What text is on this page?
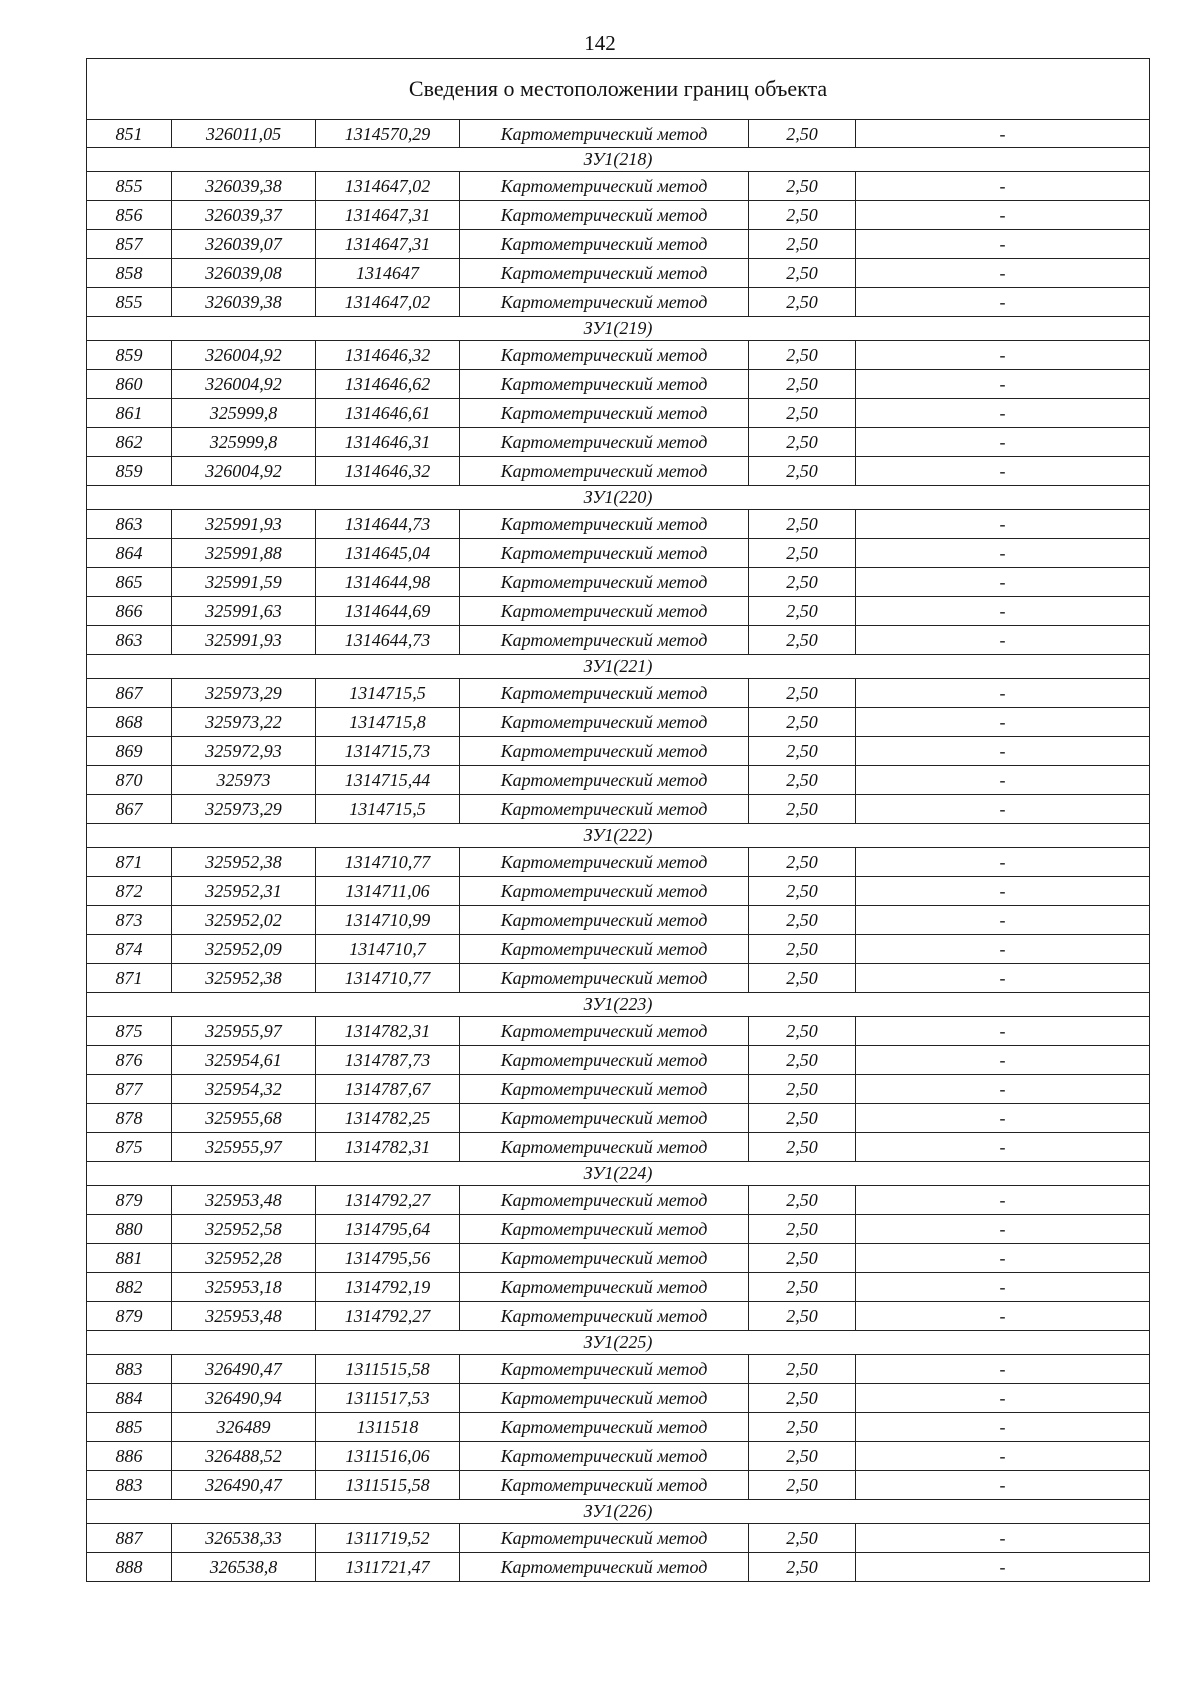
142
Сведения о местоположении границ объекта					
851	326011,05	1314570,29	Картометрический метод	2,50	-
ЗУ1(218)					
855	326039,38	1314647,02	Картометрический метод	2,50	-
856	326039,37	1314647,31	Картометрический метод	2,50	-
857	326039,07	1314647,31	Картометрический метод	2,50	-
858	326039,08	1314647	Картометрический метод	2,50	-
855	326039,38	1314647,02	Картометрический метод	2,50	-
ЗУ1(219)					
859	326004,92	1314646,32	Картометрический метод	2,50	-
860	326004,92	1314646,62	Картометрический метод	2,50	-
861	325999,8	1314646,61	Картометрический метод	2,50	-
862	325999,8	1314646,31	Картометрический метод	2,50	-
859	326004,92	1314646,32	Картометрический метод	2,50	-
ЗУ1(220)					
863	325991,93	1314644,73	Картометрический метод	2,50	-
864	325991,88	1314645,04	Картометрический метод	2,50	-
865	325991,59	1314644,98	Картометрический метод	2,50	-
866	325991,63	1314644,69	Картометрический метод	2,50	-
863	325991,93	1314644,73	Картометрический метод	2,50	-
ЗУ1(221)					
867	325973,29	1314715,5	Картометрический метод	2,50	-
868	325973,22	1314715,8	Картометрический метод	2,50	-
869	325972,93	1314715,73	Картометрический метод	2,50	-
870	325973	1314715,44	Картометрический метод	2,50	-
867	325973,29	1314715,5	Картометрический метод	2,50	-
ЗУ1(222)					
871	325952,38	1314710,77	Картометрический метод	2,50	-
872	325952,31	1314711,06	Картометрический метод	2,50	-
873	325952,02	1314710,99	Картометрический метод	2,50	-
874	325952,09	1314710,7	Картометрический метод	2,50	-
871	325952,38	1314710,77	Картометрический метод	2,50	-
ЗУ1(223)					
875	325955,97	1314782,31	Картометрический метод	2,50	-
876	325954,61	1314787,73	Картометрический метод	2,50	-
877	325954,32	1314787,67	Картометрический метод	2,50	-
878	325955,68	1314782,25	Картометрический метод	2,50	-
875	325955,97	1314782,31	Картометрический метод	2,50	-
ЗУ1(224)					
879	325953,48	1314792,27	Картометрический метод	2,50	-
880	325952,58	1314795,64	Картометрический метод	2,50	-
881	325952,28	1314795,56	Картометрический метод	2,50	-
882	325953,18	1314792,19	Картометрический метод	2,50	-
879	325953,48	1314792,27	Картометрический метод	2,50	-
ЗУ1(225)					
883	326490,47	1311515,58	Картометрический метод	2,50	-
884	326490,94	1311517,53	Картометрический метод	2,50	-
885	326489	1311518	Картометрический метод	2,50	-
886	326488,52	1311516,06	Картометрический метод	2,50	-
883	326490,47	1311515,58	Картометрический метод	2,50	-
ЗУ1(226)					
887	326538,33	1311719,52	Картометрический метод	2,50	-
888	326538,8	1311721,47	Картометрический метод	2,50	-
